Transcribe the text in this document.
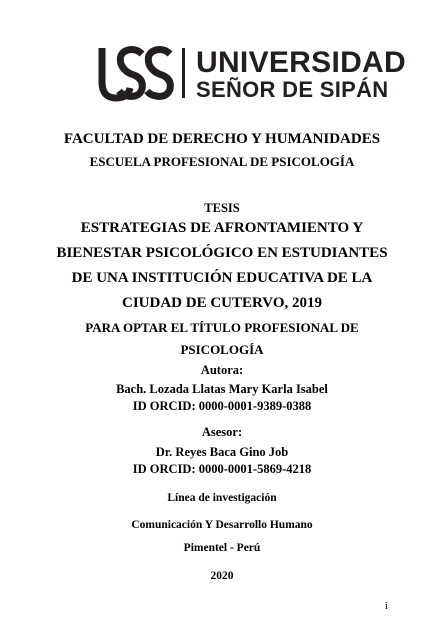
UNIVERSIDAD
SEÑOR DE SIPÁN
FACULTAD DE DERECHO Y HUMANIDADES
ESCUELA PROFESIONAL DE PSICOLOGÍA
TESIS
ESTRATEGIAS DE AFRONTAMIENTO Y
BIENESTAR PSICOLÓGICO EN ESTUDIANTES
DE UNA INSTITUCIÓN EDUCATIVA DE LA
CIUDAD DE CUTERVO, 2019
PARA OPTAR EL TÍTULO PROFESIONAL DE
PSICOLOGÍA
Autora:
Bach. Lozada Llatas Mary Karla Isabel
ID ORCID: 0000-0001-9389-0388
Asesor:
Dr. Reyes Baca Gino Job
ID ORCID: 0000-0001-5869-4218
Línea de investigación
Comunicación Y Desarrollo Humano
Pimentel - Perú
2020
i
